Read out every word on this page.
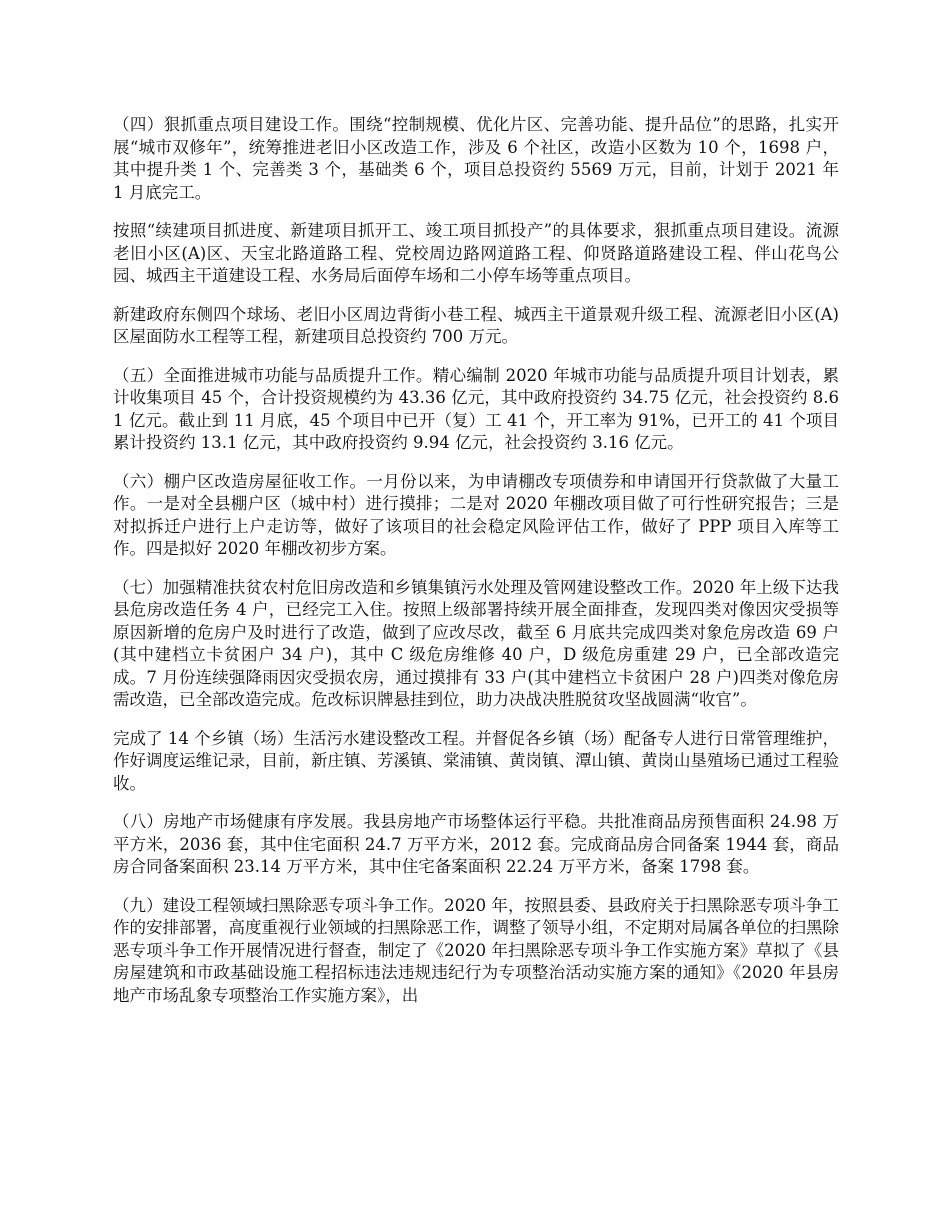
（四）狠抓重点项目建设工作。围绕“控制规模、优化片区、完善功能、提升品位”的思路，扎实开展“城市双修年”，统筹推进老旧小区改造工作，涉及 6 个社区，改造小区数为 10 个，1698 户，其中提升类 1 个、完善类 3 个，基础类 6 个，项目总投资约 5569 万元，目前，计划于 2021 年 1 月底完工。

按照“续建项目抓进度、新建项目抓开工、竣工项目抓投产”的具体要求，狠抓重点项目建设。流源老旧小区(A)区、天宝北路道路工程、党校周边路网道路工程、仰贤路道路建设工程、伴山花鸟公园、城西主干道建设工程、水务局后面停车场和二小停车场等重点项目。

新建政府东侧四个球场、老旧小区周边背街小巷工程、城西主干道景观升级工程、流源老旧小区(A)区屋面防水工程等工程，新建项目总投资约 700 万元。

（五）全面推进城市功能与品质提升工作。精心编制 2020 年城市功能与品质提升项目计划表，累计收集项目 45 个，合计投资规模约为 43.36 亿元，其中政府投资约 34.75 亿元，社会投资约 8.61 亿元。截止到 11 月底，45 个项目中已开（复）工 41 个，开工率为 91%，已开工的 41 个项目累计投资约 13.1 亿元，其中政府投资约 9.94 亿元，社会投资约 3.16 亿元。

（六）棚户区改造房屋征收工作。一月份以来，为申请棚改专项债券和申请国开行贷款做了大量工作。一是对全县棚户区（城中村）进行摸排；二是对 2020 年棚改项目做了可行性研究报告；三是对拟拆迁户进行上户走访等，做好了该项目的社会稳定风险评估工作，做好了 PPP 项目入库等工作。四是拟好 2020 年棚改初步方案。

（七）加强精准扶贫农村危旧房改造和乡镇集镇污水处理及管网建设整改工作。2020 年上级下达我县危房改造任务 4 户，已经完工入住。按照上级部署持续开展全面排查，发现四类对像因灾受损等原因新增的危房户及时进行了改造，做到了应改尽改，截至 6 月底共完成四类对象危房改造 69 户(其中建档立卡贫困户 34 户)，其中 C 级危房维修 40 户，D 级危房重建 29 户，已全部改造完成。7 月份连续强降雨因灾受损农房，通过摸排有 33 户(其中建档立卡贫困户 28 户)四类对像危房需改造，已全部改造完成。危改标识牌悬挂到位，助力决战决胜脱贫攻坚战圆满“收官”。

完成了 14 个乡镇（场）生活污水建设整改工程。并督促各乡镇（场）配备专人进行日常管理维护，作好调度运维记录，目前，新庄镇、芳溪镇、棠浦镇、黄岗镇、潭山镇、黄岗山垦殖场已通过工程验收。

（八）房地产市场健康有序发展。我县房地产市场整体运行平稳。共批准商品房预售面积 24.98 万平方米，2036 套，其中住宅面积 24.7 万平方米，2012 套。完成商品房合同备案 1944 套，商品房合同备案面积 23.14 万平方米，其中住宅备案面积 22.24 万平方米，备案 1798 套。

（九）建设工程领域扫黑除恶专项斗争工作。2020 年，按照县委、县政府关于扫黑除恶专项斗争工作的安排部署，高度重视行业领域的扫黑除恶工作，调整了领导小组，不定期对局属各单位的扫黑除恶专项斗争工作开展情况进行督查，制定了《2020 年扫黑除恶专项斗争工作实施方案》草拟了《县房屋建筑和市政基础设施工程招标违法违规违纪行为专项整治活动实施方案的通知》《2020 年县房地产市场乱象专项整治工作实施方案》，出
